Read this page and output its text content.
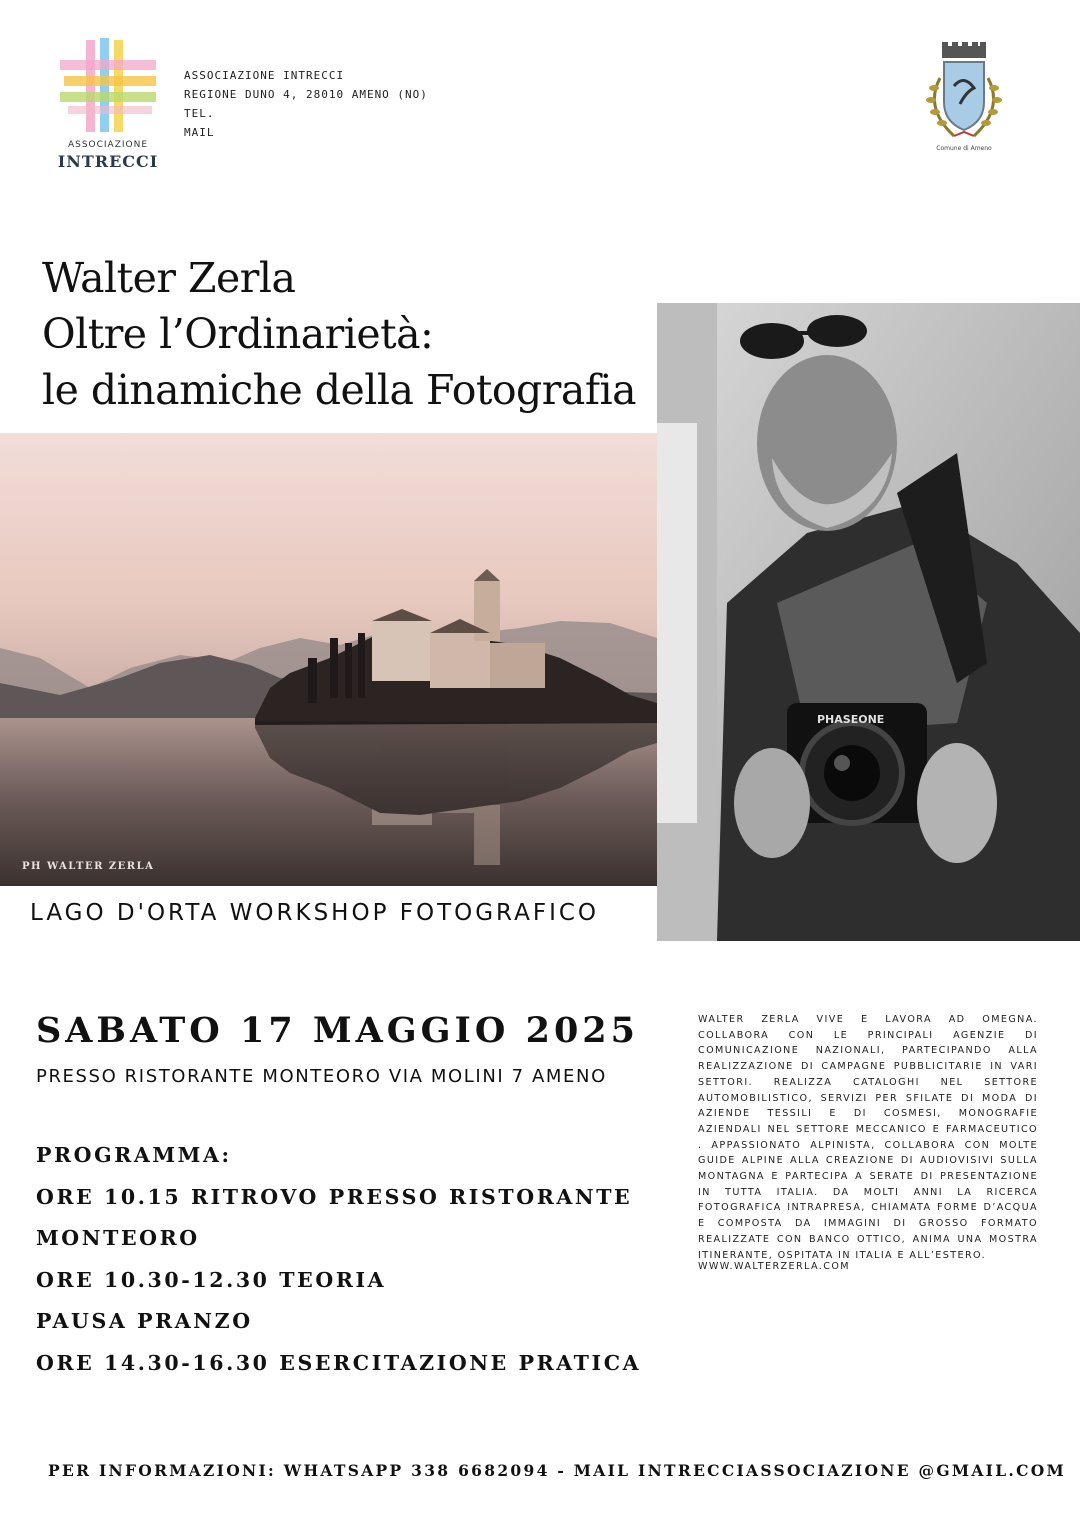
ASSOCIAZIONE
INTRECCI
ASSOCIAZIONE INTRECCI
REGIONE DUNO 4, 28010 AMENO (NO)
TEL.
MAIL
Comune di Ameno
Walter Zerla
Oltre l’Ordinarietà:
le dinamiche della Fotografia
PH WALTER ZERLA
PHASEONE
LAGO D'ORTA WORKSHOP FOTOGRAFICO
SABATO 17 MAGGIO 2025
PRESSO RISTORANTE MONTEORO VIA MOLINI 7 AMENO
PROGRAMMA:
ORE 10.15 RITROVO PRESSO RISTORANTE
MONTEORO
ORE 10.30-12.30 TEORIA
PAUSA PRANZO
ORE 14.30-16.30 ESERCITAZIONE PRATICA
WALTER ZERLA VIVE E LAVORA AD OMEGNA. COLLABORA CON LE PRINCIPALI AGENZIE DI COMUNICAZIONE NAZIONALI, PARTECIPANDO ALLA REALIZZAZIONE DI CAMPAGNE PUBBLICITARIE IN VARI SETTORI. REALIZZA CATALOGHI NEL SETTORE AUTOMOBILISTICO, SERVIZI PER SFILATE DI MODA DI AZIENDE TESSILI E DI COSMESI, MONOGRAFIE AZIENDALI NEL SETTORE MECCANICO E FARMACEUTICO . APPASSIONATO ALPINISTA, COLLABORA CON MOLTE GUIDE ALPINE ALLA CREAZIONE DI AUDIOVISIVI SULLA MONTAGNA E PARTECIPA A SERATE DI PRESENTAZIONE IN TUTTA ITALIA. DA MOLTI ANNI LA RICERCA FOTOGRAFICA INTRAPRESA, CHIAMATA FORME D’ACQUA E COMPOSTA DA IMMAGINI DI GROSSO FORMATO REALIZZATE CON BANCO OTTICO, ANIMA UNA MOSTRA ITINERANTE, OSPITATA IN ITALIA E ALL’ESTERO.
WWW.WALTERZERLA.COM
PER INFORMAZIONI: WHATSAPP 338 6682094 - MAIL INTRECCIASSOCIAZIONE @GMAIL.COM
